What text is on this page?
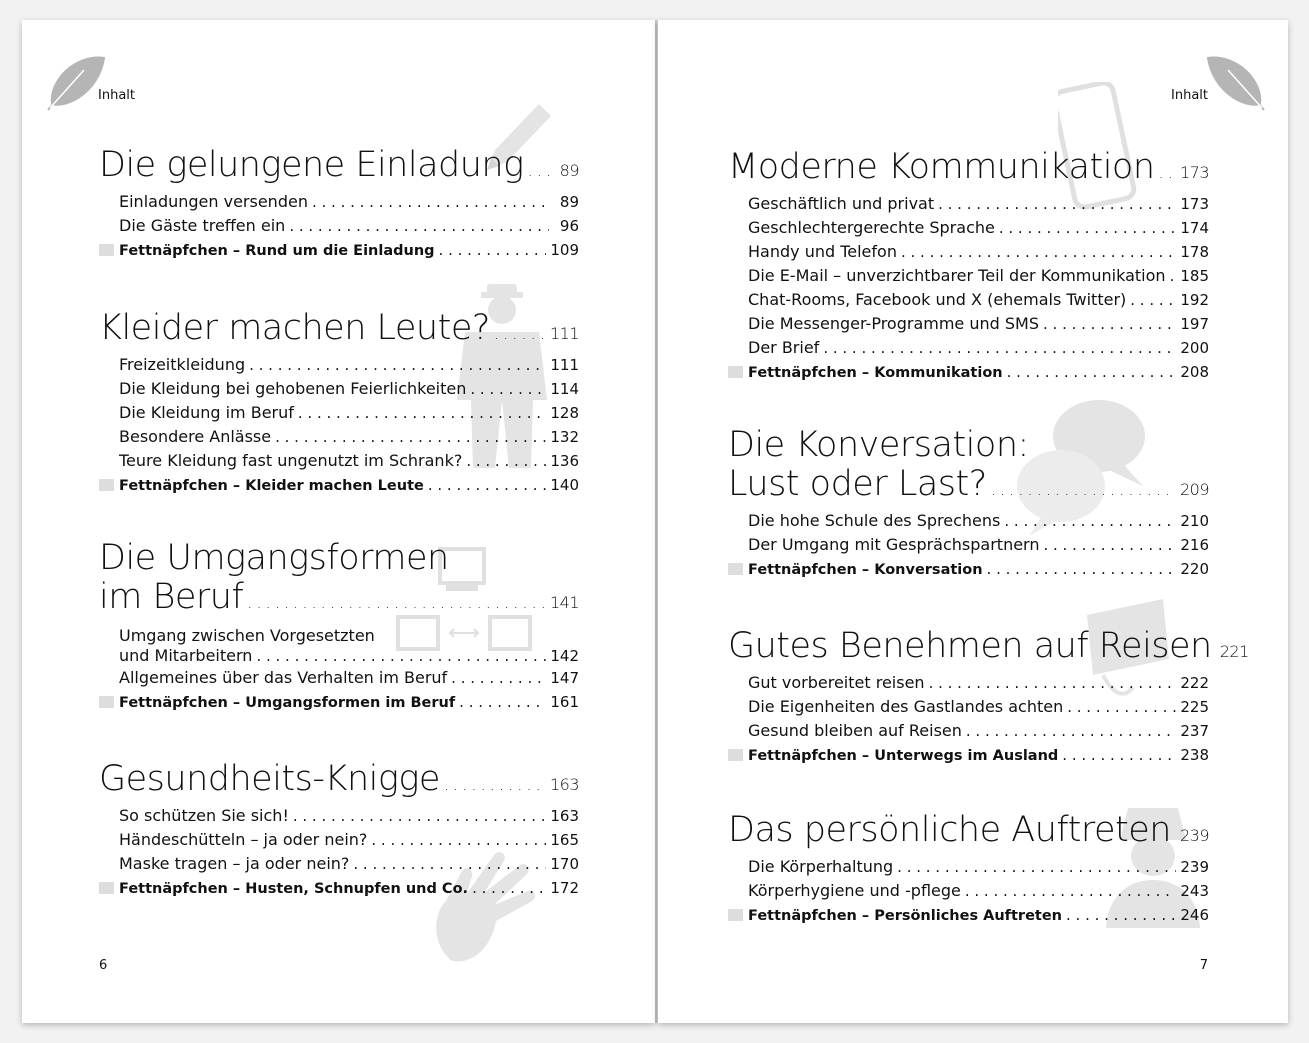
Inhalt
Die gelungene Einladung . . .	89
Einladungen versenden . . .	89
Die Gäste treffen ein . . .	96
Fettnäpfchen – Rund um die Einladung . . .	109
Kleider machen Leute? . . .	111
Freizeitkleidung . . .	111
Die Kleidung bei gehobenen Feierlichkeiten . . .	114
Die Kleidung im Beruf . . .	128
Besondere Anlässe . . .	132
Teure Kleidung fast ungenutzt im Schrank? . . .	136
Fettnäpfchen – Kleider machen Leute . . .	140
Die Umgangsformen
im Beruf . . .	141
Umgang zwischen Vorgesetzten
und Mitarbeitern . . .	142
Allgemeines über das Verhalten im Beruf . . .	147
Fettnäpfchen – Umgangsformen im Beruf . . .	161
Gesundheits-Knigge . . .	163
So schützen Sie sich! . . .	163
Händeschütteln – ja oder nein? . . .	165
Maske tragen – ja oder nein? . . .	170
Fettnäpfchen – Husten, Schnupfen und Co. . . .	172
6
Inhalt
Moderne Kommunikation . . . 173
Geschäftlich und privat . . .	173
Geschlechtergerechte Sprache . . .	174
Handy und Telefon . . .	178
Die E-Mail – unverzichtbarer Teil der Kommunikation . . . 185
Chat-Rooms, Facebook und X (ehemals Twitter) . . .	192
Die Messenger-Programme und SMS . . .	197
Der Brief . . .	200
Fettnäpfchen – Kommunikation . . .	208
Die Konversation:
Lust oder Last? . . .	209
Die hohe Schule des Sprechens . . .	210
Der Umgang mit Gesprächspartnern . . .	216
Fettnäpfchen – Konversation . . .	220
Gutes Benehmen auf Reisen 221
Gut vorbereitet reisen . . .	222
Die Eigenheiten des Gastlandes achten . . .	225
Gesund bleiben auf Reisen . . .	237
Fettnäpfchen – Unterwegs im Ausland . . .	238
Das persönliche Auftreten . . . 239
Die Körperhaltung . . .	239
Körperhygiene und -pflege . . .	243
Fettnäpfchen – Persönliches Auftreten . . .	246
7
